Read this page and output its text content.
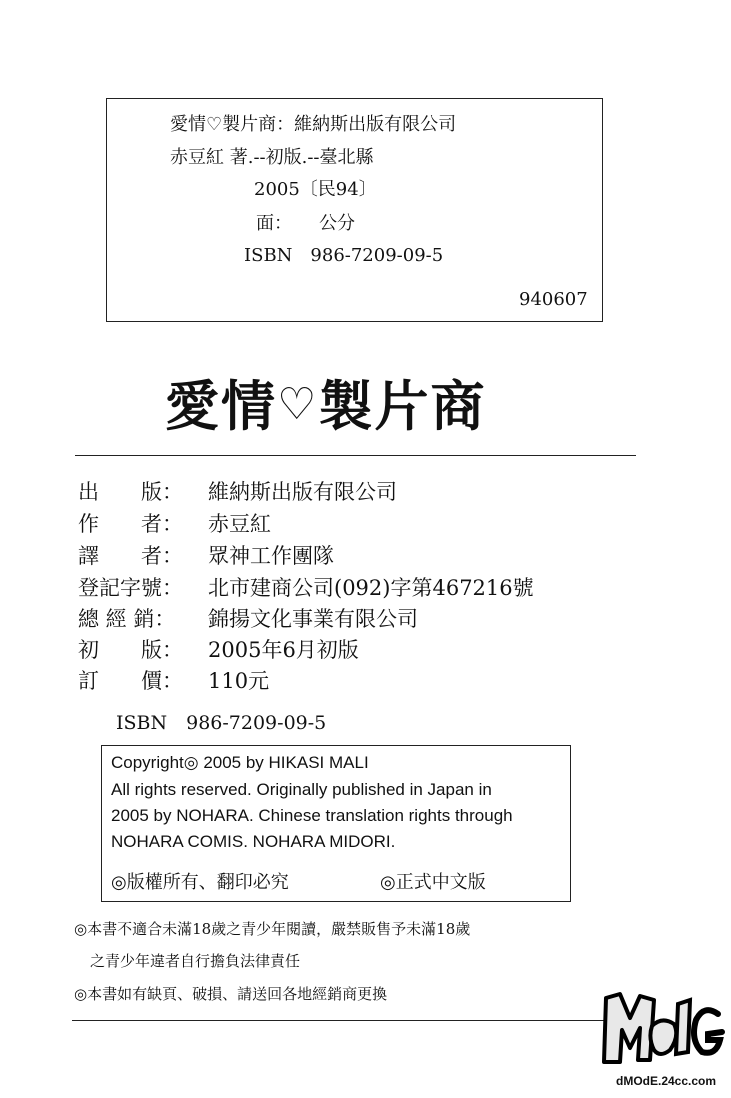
愛情♡製片商：維納斯出版有限公司
赤豆紅 著.--初版.--臺北縣
2005〔民94〕
面：　　公分
ISBN　986-7209-09-5
940607
愛情♡製片商
出　　版： 維納斯出版有限公司
作　　者： 赤豆紅
譯　　者： 眾神工作團隊
登記字號： 北市建商公司(092)字第467216號
總 經 銷： 錦揚文化事業有限公司
初　　版： 2005年6月初版
訂　　價： 110元
ISBN　986-7209-09-5
Copyright◎ 2005 by HIKASI MALI
All rights reserved. Originally published in Japan in
2005 by NOHARA. Chinese translation rights through
NOHARA COMIS. NOHARA MIDORI.
◎版權所有、翻印必究	◎正式中文版
◎本書不適合未滿18歲之青少年閱讀，嚴禁販售予未滿18歲
之青少年違者自行擔負法律責任
◎本書如有缺頁、破損、請送回各地經銷商更換
dMOdE.24cc.com
